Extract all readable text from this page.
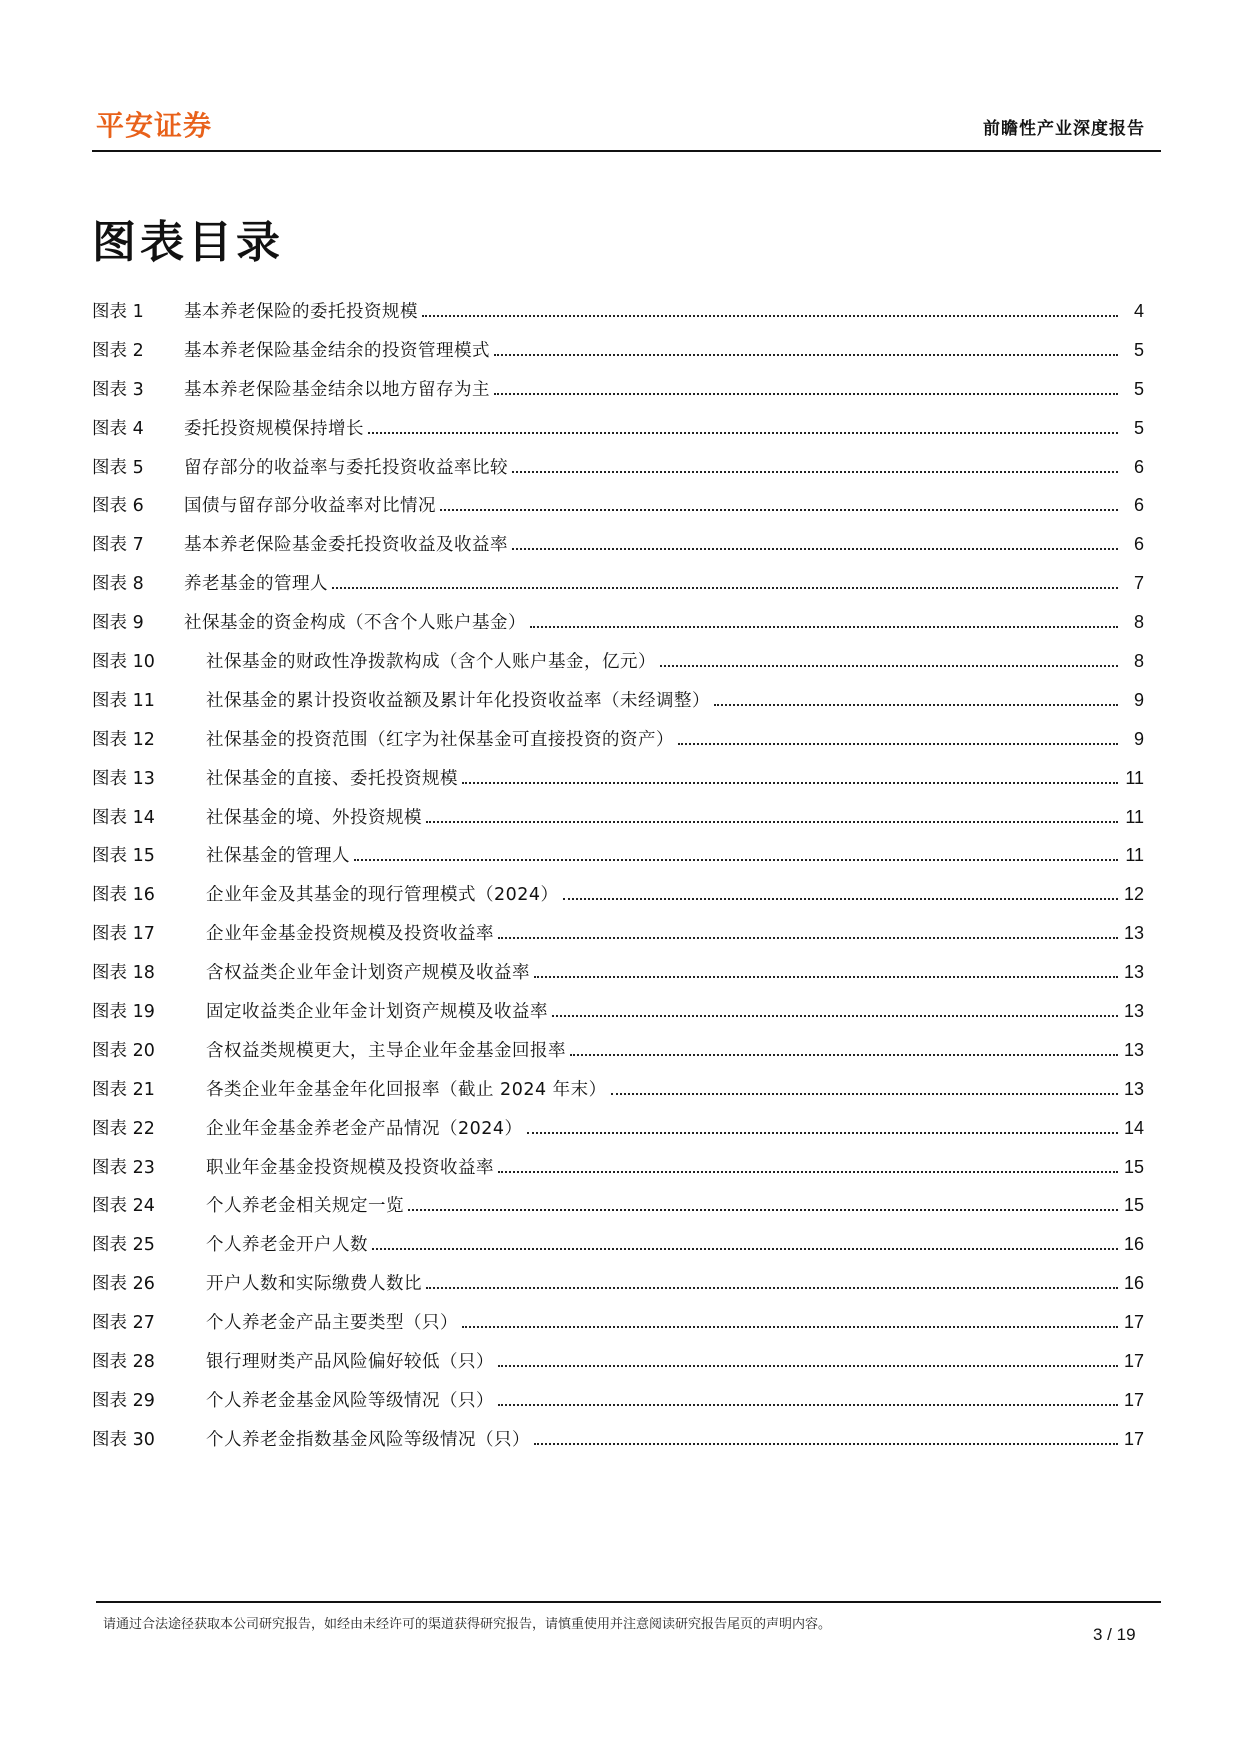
平安证券	前瞻性产业深度报告
图表目录
图表 1	基本养老保险的委托投资规模	4
图表 2	基本养老保险基金结余的投资管理模式	5
图表 3	基本养老保险基金结余以地方留存为主	5
图表 4	委托投资规模保持增长	5
图表 5	留存部分的收益率与委托投资收益率比较	6
图表 6	国债与留存部分收益率对比情况	6
图表 7	基本养老保险基金委托投资收益及收益率	6
图表 8	养老基金的管理人	7
图表 9	社保基金的资金构成（不含个人账户基金）	8
图表 10	社保基金的财政性净拨款构成（含个人账户基金，亿元）	8
图表 11	社保基金的累计投资收益额及累计年化投资收益率（未经调整）	9
图表 12	社保基金的投资范围（红字为社保基金可直接投资的资产）	9
图表 13	社保基金的直接、委托投资规模	11
图表 14	社保基金的境、外投资规模	11
图表 15	社保基金的管理人	11
图表 16	企业年金及其基金的现行管理模式（2024）	12
图表 17	企业年金基金投资规模及投资收益率	13
图表 18	含权益类企业年金计划资产规模及收益率	13
图表 19	固定收益类企业年金计划资产规模及收益率	13
图表 20	含权益类规模更大，主导企业年金基金回报率	13
图表 21	各类企业年金基金年化回报率（截止 2024 年末）	13
图表 22	企业年金基金养老金产品情况（2024）	14
图表 23	职业年金基金投资规模及投资收益率	15
图表 24	个人养老金相关规定一览	15
图表 25	个人养老金开户人数	16
图表 26	开户人数和实际缴费人数比	16
图表 27	个人养老金产品主要类型（只）	17
图表 28	银行理财类产品风险偏好较低（只）	17
图表 29	个人养老金基金风险等级情况（只）	17
图表 30	个人养老金指数基金风险等级情况（只）	17
请通过合法途径获取本公司研究报告，如经由未经许可的渠道获得研究报告，请慎重使用并注意阅读研究报告尾页的声明内容。
3 / 19
